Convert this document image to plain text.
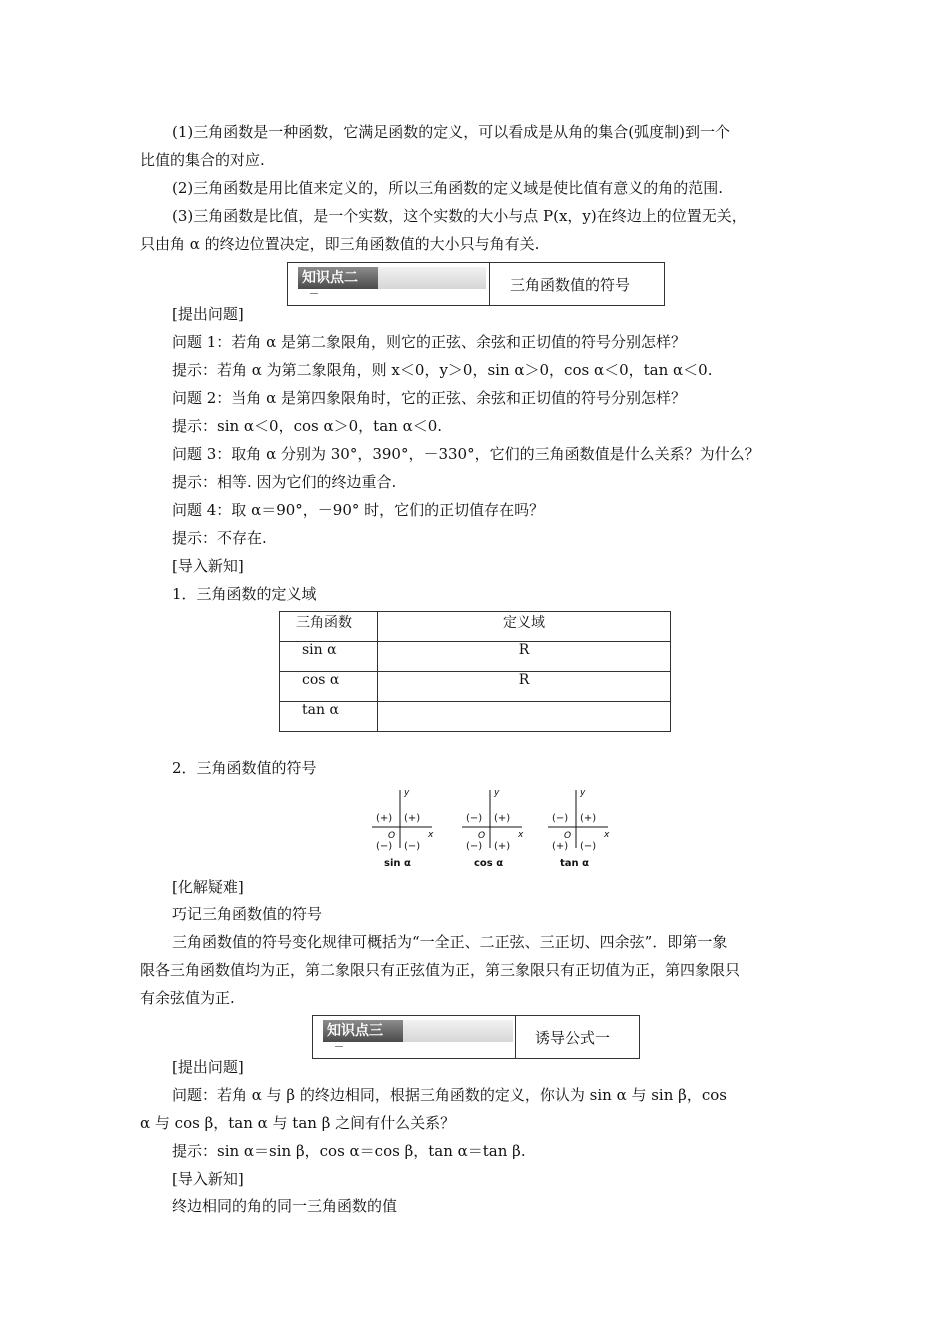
(1)三角函数是一种函数，它满足函数的定义，可以看成是从角的集合(弧度制)到一个
比值的集合的对应.
(2)三角函数是用比值来定义的，所以三角函数的定义域是使比值有意义的角的范围.
(3)三角函数是比值，是一个实数，这个实数的大小与点 P(x，y)在终边上的位置无关，
只由角 α 的终边位置决定，即三角函数值的大小只与角有关.
知识点二	三角函数值的符号
[提出问题]
问题 1：若角 α 是第二象限角，则它的正弦、余弦和正切值的符号分别怎样？
提示：若角 α 为第二象限角，则 x＜0，y＞0，sin α＞0，cos α＜0，tan α＜0.
问题 2：当角 α 是第四象限角时，它的正弦、余弦和正切值的符号分别怎样？
提示：sin α＜0，cos α＞0，tan α＜0.
问题 3：取角 α 分别为 30°，390°，－330°，它们的三角函数值是什么关系？为什么？
提示：相等. 因为它们的终边重合.
问题 4：取 α＝90°，－90° 时，它们的正切值存在吗？
提示：不存在.
[导入新知]
1．三角函数的定义域
三角函数	定义域
sin α	R
cos α	R
tan α	
2．三角函数值的符号
y
x
O
(+) (+)
(−) (−)
sin α
y
x
O
(−) (+)
(−) (+)
cos α
y
x
O
(−) (+)
(+) (−)
tan α
[化解疑难]
巧记三角函数值的符号
三角函数值的符号变化规律可概括为“一全正、二正弦、三正切、四余弦”．即第一象
限各三角函数值均为正，第二象限只有正弦值为正，第三象限只有正切值为正，第四象限只
有余弦值为正.
知识点三	诱导公式一
[提出问题]
问题：若角 α 与 β 的终边相同，根据三角函数的定义，你认为 sin α 与 sin β，cos
α 与 cos β，tan α 与 tan β 之间有什么关系？
提示：sin α＝sin β，cos α＝cos β，tan α＝tan β.
[导入新知]
终边相同的角的同一三角函数的值
